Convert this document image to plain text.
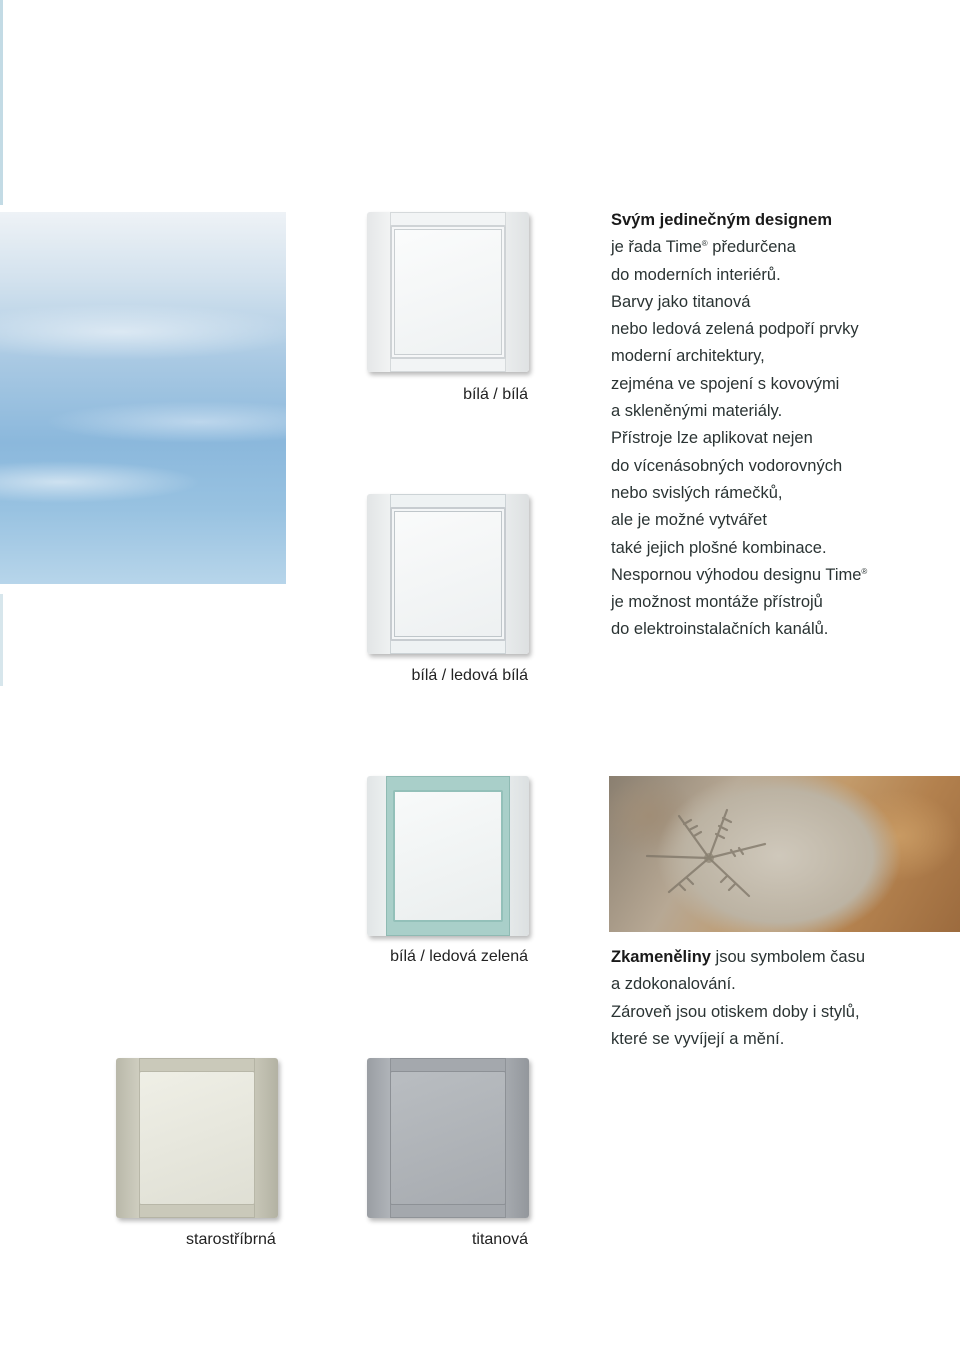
bílá / bílá
bílá / ledová bílá
bílá / ledová zelená
starostříbrná	titanová
Svým jedinečným designem
je řada Time® předurčena
do moderních interiérů.
Barvy jako titanová
nebo ledová zelená podpoří prvky
moderní architektury,
zejména ve spojení s kovovými
a skleněnými materiály.
Přístroje lze aplikovat nejen
do vícenásobných vodorovných
nebo svislých rámečků,
ale je možné vytvářet
také jejich plošné kombinace.
Nespornou výhodou designu Time®
je možnost montáže přístrojů
do elektroinstalačních kanálů.
Zkameněliny jsou symbolem času
a zdokonalování.
Zároveň jsou otiskem doby i stylů,
které se vyvíjejí a mění.
